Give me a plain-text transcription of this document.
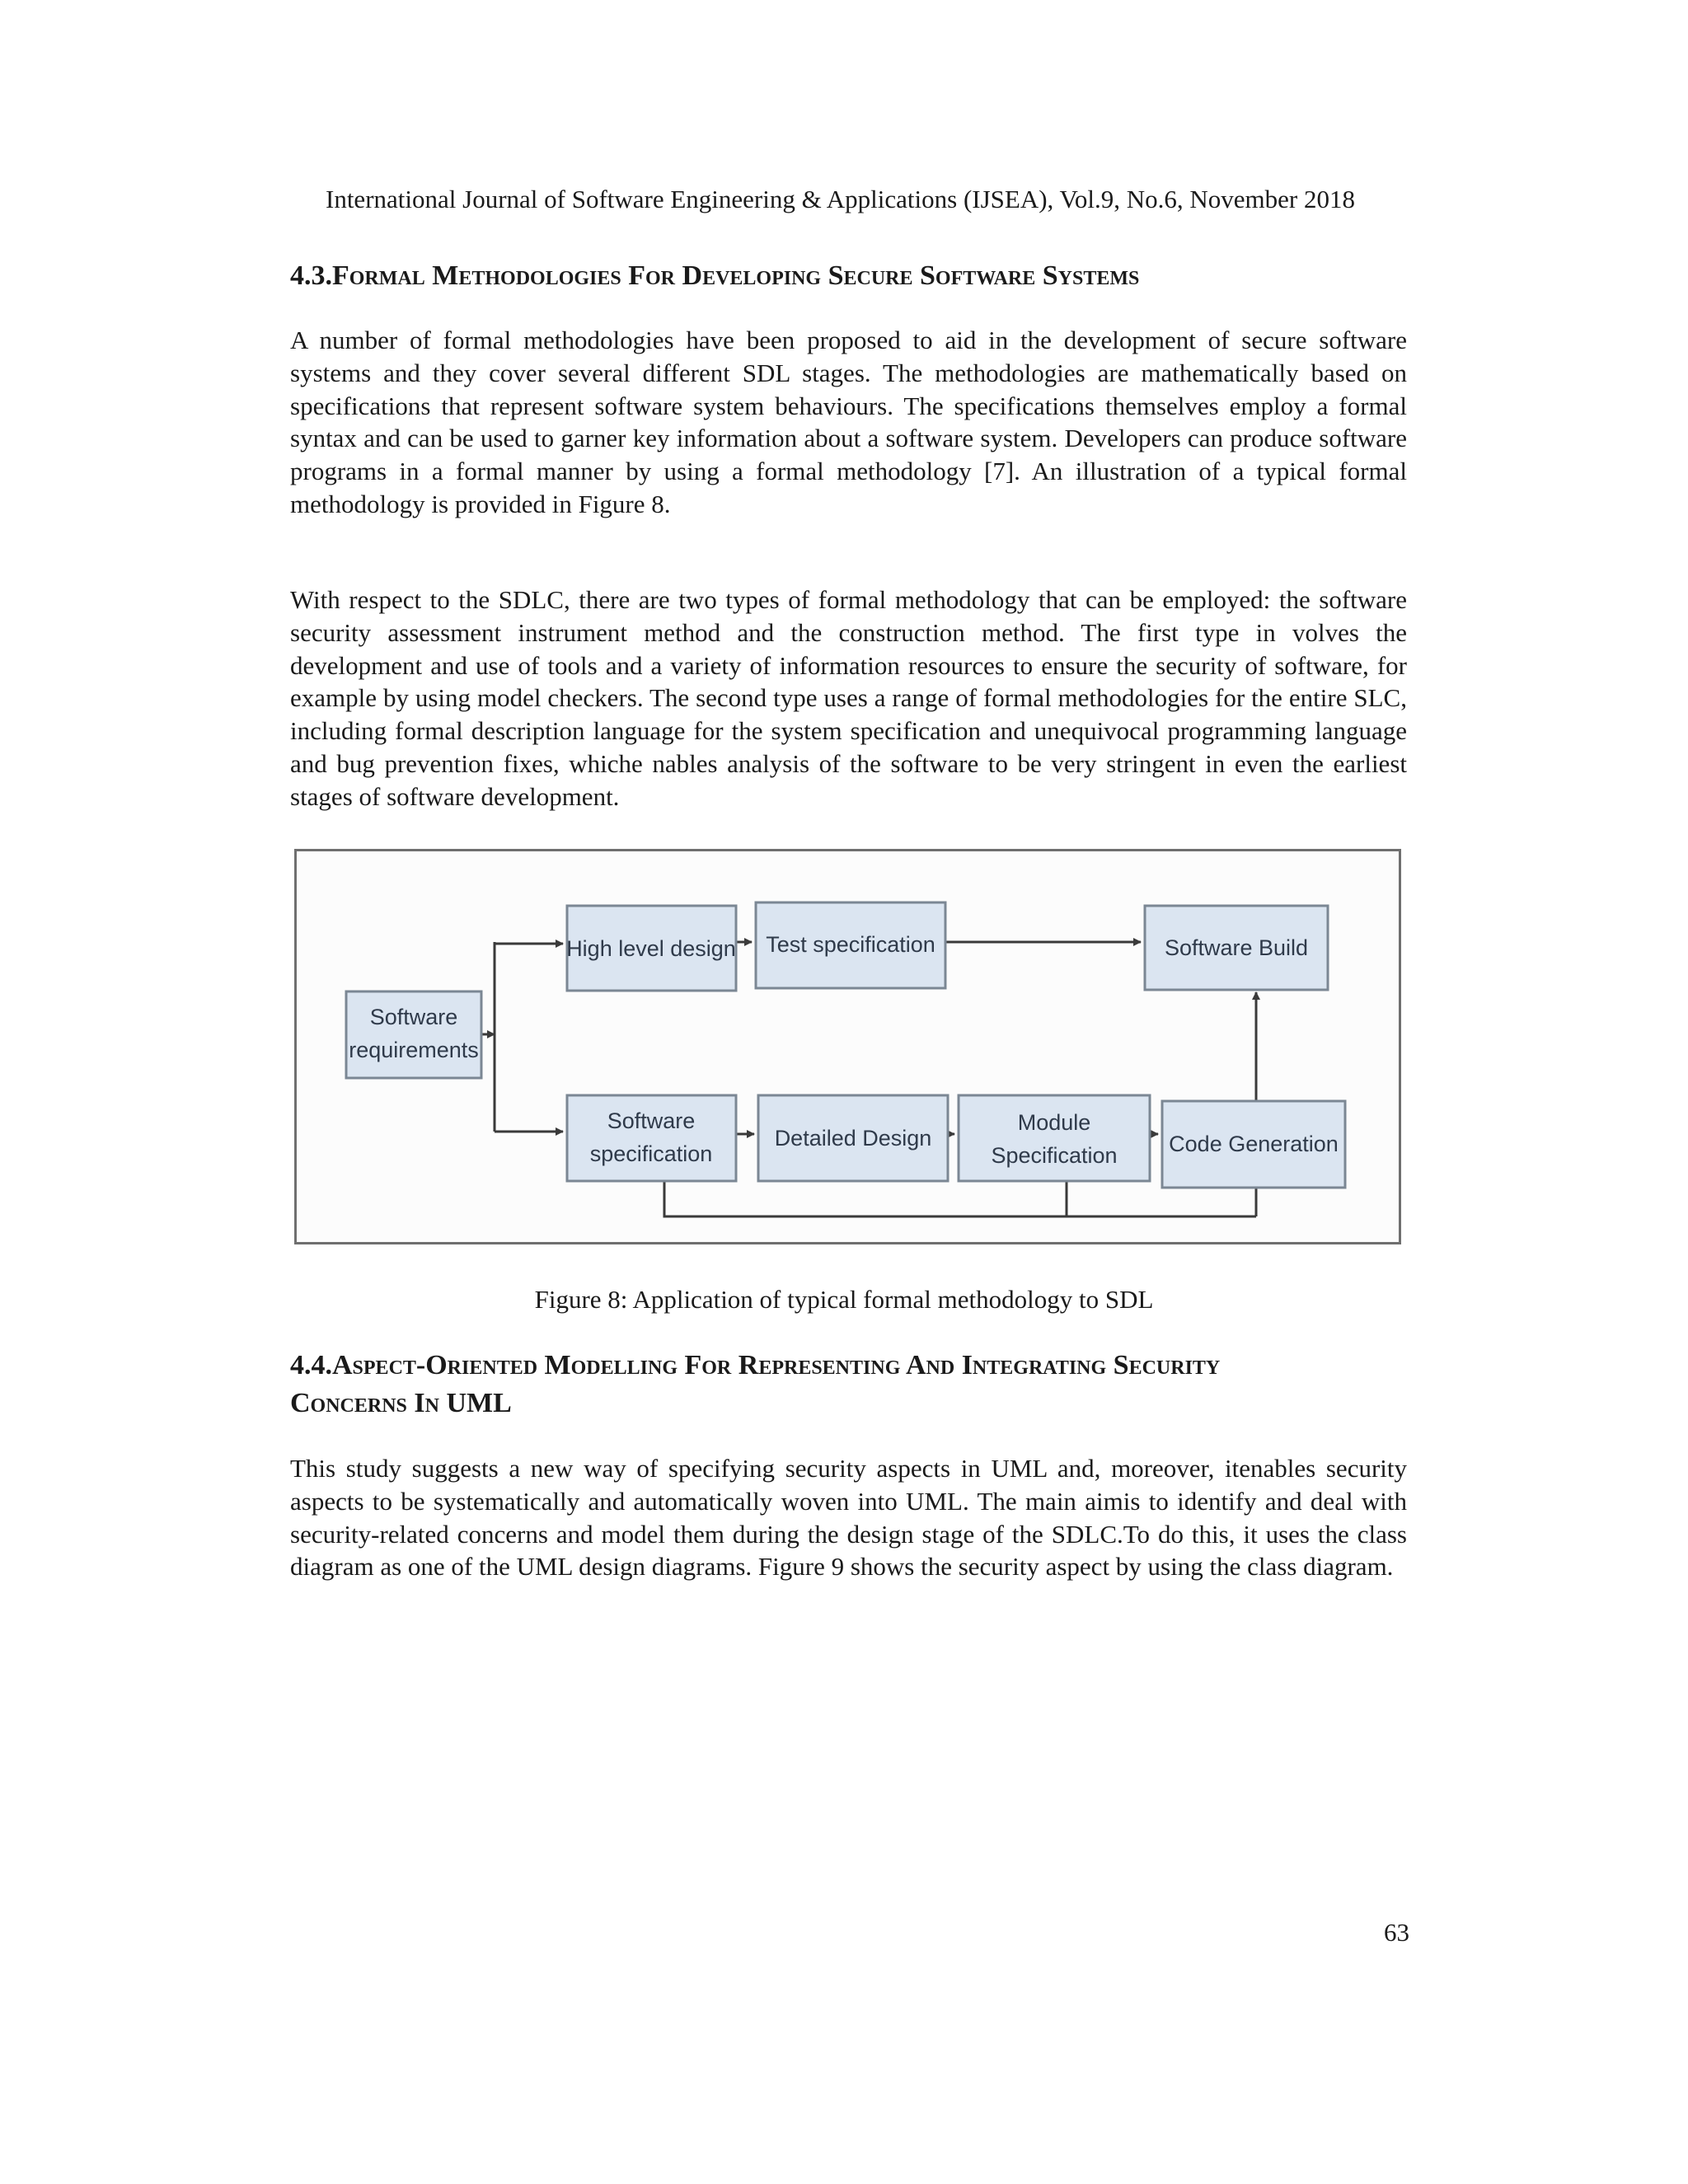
International Journal of Software Engineering & Applications (IJSEA), Vol.9, No.6, November 2018
4.3.Formal Methodologies For Developing Secure Software Systems

A number of formal methodologies have been proposed to aid in the development of secure software systems and they cover several different SDL stages. The methodologies are mathematically based on specifications that represent software system behaviours. The specifications themselves employ a formal syntax and can be used to garner key information about a software system. Developers can produce software programs in a formal manner by using a formal methodology [7]. An illustration of a typical formal methodology is provided in Figure 8.

With respect to the SDLC, there are two types of formal methodology that can be employed: the software security assessment instrument method and the construction method. The first type in volves the development and use of tools and a variety of information resources to ensure the security of software, for example by using model checkers. The second type uses a range of formal methodologies for the entire SLC, including formal description language for the system specification and unequivocal programming language and bug prevention fixes, whiche nables analysis of the software to be very stringent in even the earliest stages of software development.

Software
requirements
High level design Test specification	Software Build
Software
specification
Detailed Design
Module
Specification Code Generation
Figure 8: Application of typical formal methodology to SDL
4.4.Aspect-Oriented Modelling For Representing And Integrating Security
Concerns In UML

This study suggests a new way of specifying security aspects in UML and, moreover, itenables security aspects to be systematically and automatically woven into UML. The main aimis to identify and deal with security-related concerns and model them during the design stage of the SDLC.To do this, it uses the class diagram as one of the UML design diagrams. Figure 9 shows the security aspect by using the class diagram.

63
